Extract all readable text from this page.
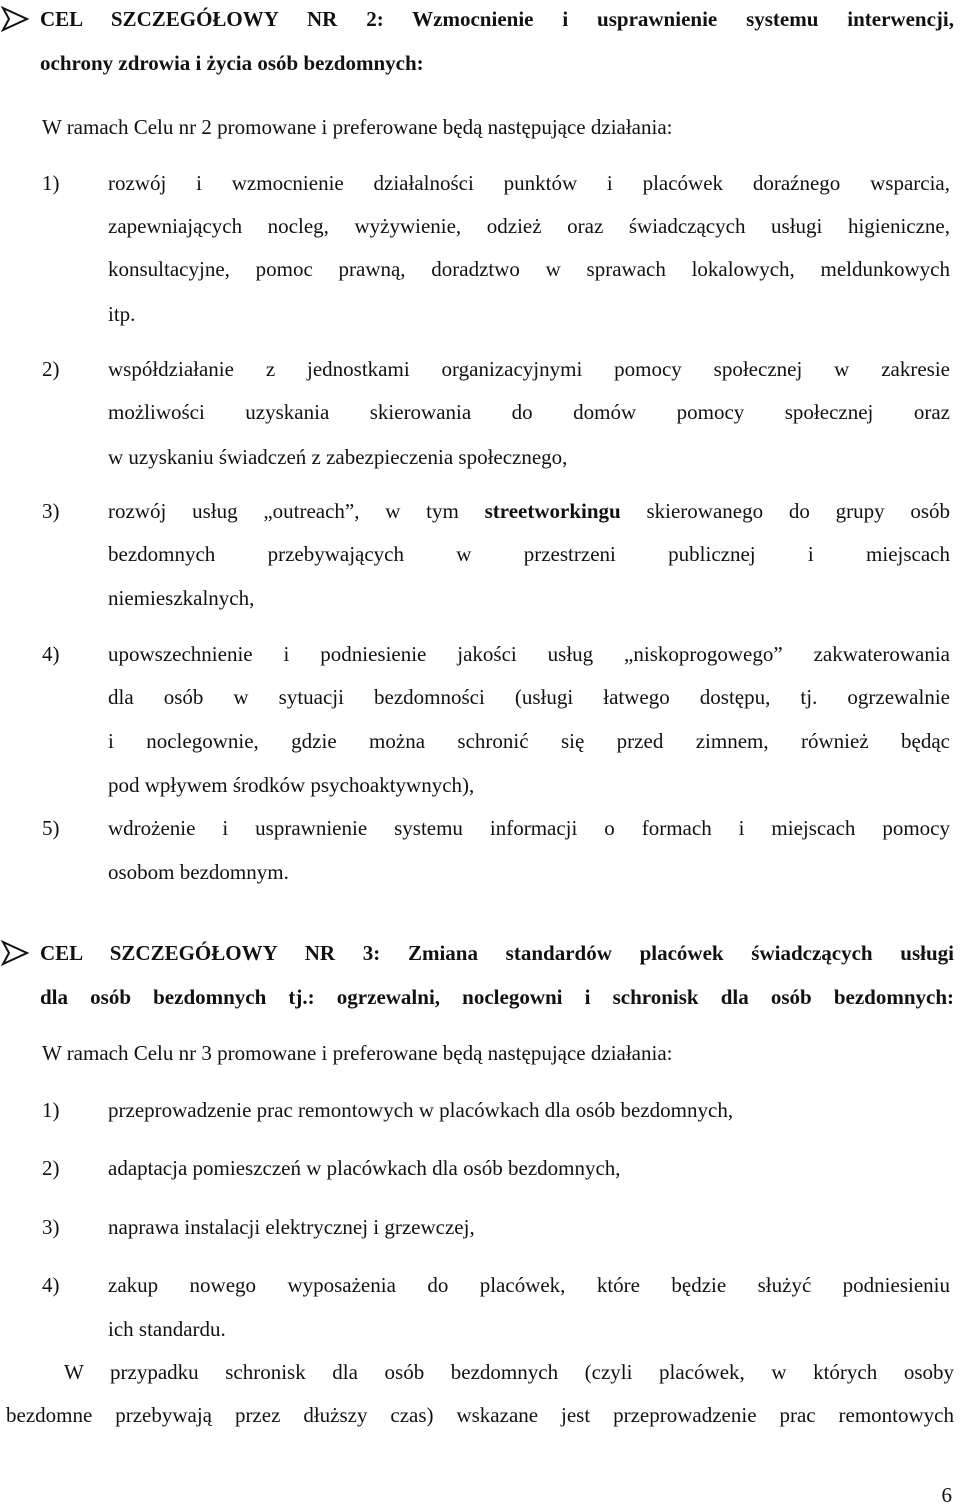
CEL SZCZEGÓŁOWY NR 2: Wzmocnienie i usprawnienie systemu interwencji,
ochrony zdrowia i życia osób bezdomnych:
W ramach Celu nr 2 promowane i preferowane będą następujące działania:
1) rozwój i wzmocnienie działalności punktów i placówek doraźnego wsparcia,
zapewniających nocleg, wyżywienie, odzież oraz świadczących usługi higieniczne,
konsultacyjne, pomoc prawną, doradztwo w sprawach lokalowych, meldunkowych
itp.
2) współdziałanie z jednostkami organizacyjnymi pomocy społecznej w zakresie
możliwości uzyskania skierowania do domów pomocy społecznej oraz
w uzyskaniu świadczeń z zabezpieczenia społecznego,
3) rozwój usług „outreach”, w tym streetworkingu skierowanego do grupy osób
bezdomnych przebywających w przestrzeni publicznej i miejscach
niemieszkalnych,
4) upowszechnienie i podniesienie jakości usług „niskoprogowego” zakwaterowania
dla osób w sytuacji bezdomności (usługi łatwego dostępu, tj. ogrzewalnie
i noclegownie, gdzie można schronić się przed zimnem, również będąc
pod wpływem środków psychoaktywnych),
5) wdrożenie i usprawnienie systemu informacji o formach i miejscach pomocy
osobom bezdomnym.
CEL SZCZEGÓŁOWY NR 3: Zmiana standardów placówek świadczących usługi
dla osób bezdomnych tj.: ogrzewalni, noclegowni i schronisk dla osób bezdomnych:
W ramach Celu nr 3 promowane i preferowane będą następujące działania:
1) przeprowadzenie prac remontowych w placówkach dla osób bezdomnych,
2) adaptacja pomieszczeń w placówkach dla osób bezdomnych,
3) naprawa instalacji elektrycznej i grzewczej,
4) zakup nowego wyposażenia do placówek, które będzie służyć podniesieniu
ich standardu.
W przypadku schronisk dla osób bezdomnych (czyli placówek, w których osoby
bezdomne przebywają przez dłuższy czas) wskazane jest przeprowadzenie prac remontowych
6
